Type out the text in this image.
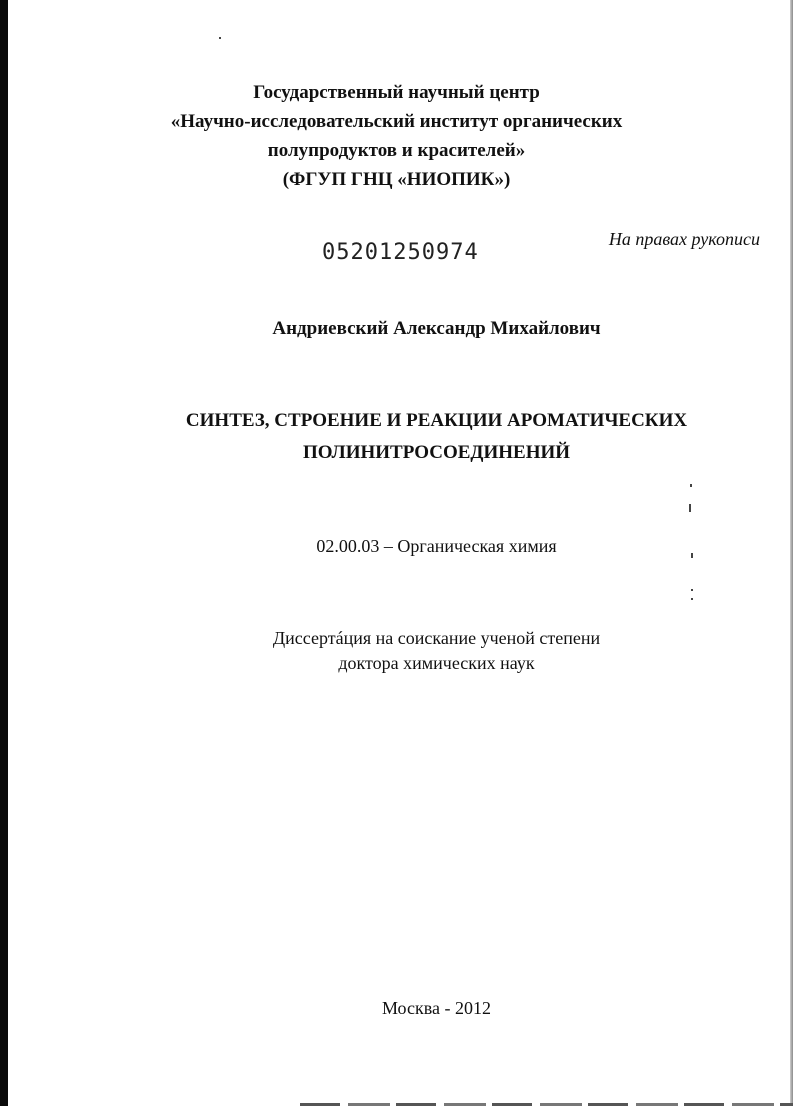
Государственный научный центр
«Научно-исследовательский институт органических
полупродуктов и красителей»
(ФГУП ГНЦ «НИОПИК»)
05201250974
На правах рукописи
Андриевский Александр Михайлович
СИНТЕЗ, СТРОЕНИЕ И РЕАКЦИИ АРОМАТИЧЕСКИХ
ПОЛИНИТРОСОЕДИНЕНИЙ
02.00.03 – Органическая химия
Диссертáция на соискание ученой степени
доктора химических наук
Москва - 2012
